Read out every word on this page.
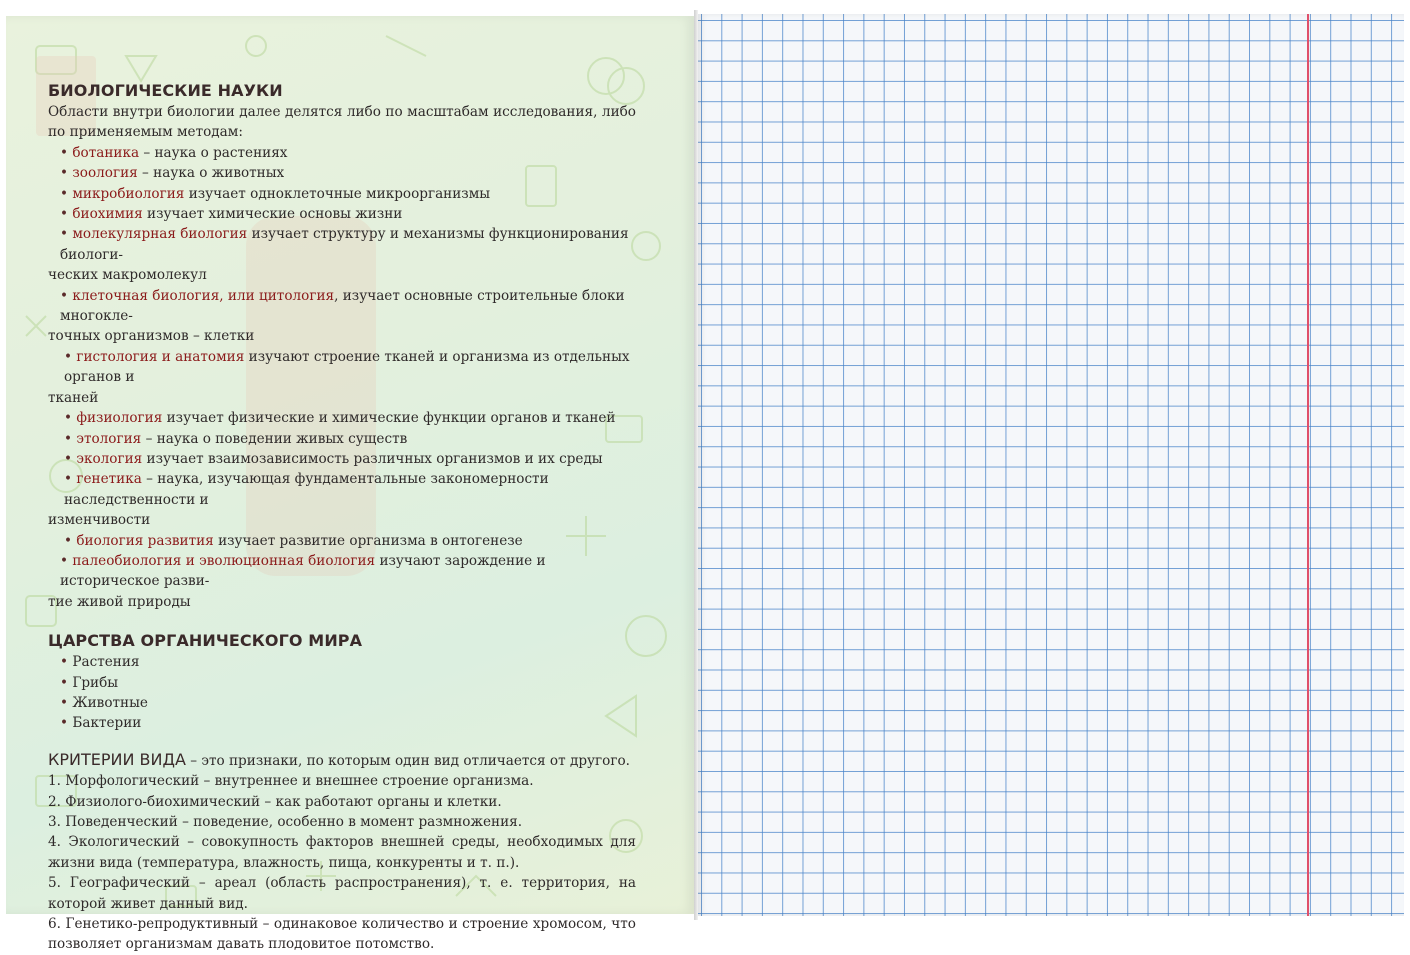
БИОЛОГИЧЕСКИЕ НАУКИ

Области внутри биологии далее делятся либо по масштабам исследования, либо по применяемым методам:

• ботаника – наука о растениях
• зоология – наука о животных
• микробиология изучает одноклеточные микроорганизмы
• биохимия изучает химические основы жизни
• молекулярная биология изучает структуру и механизмы функционирования биологи-
ческих макромолекул
• клеточная биология, или цитология, изучает основные строительные блоки многокле-
точных организмов – клетки
• гистология и анатомия изучают строение тканей и организма из отдельных органов и
тканей
• физиология изучает физические и химические функции органов и тканей
• этология – наука о поведении живых существ
• экология изучает взаимозависимость различных организмов и их среды
• генетика – наука, изучающая фундаментальные закономерности наследственности и
изменчивости
• биология развития изучает развитие организма в онтогенезе
• палеобиология и эволюционная биология изучают зарождение и историческое разви-
тие живой природы
ЦАРСТВА ОРГАНИЧЕСКОГО МИРА
• Растения
• Грибы
• Животные
• Бактерии

КРИТЕРИИ ВИДА – это признаки, по которым один вид отличается от другого.

1. Морфологический – внутреннее и внешнее строение организма.

2. Физиолого-биохимический – как работают органы и клетки.

3. Поведенческий – поведение, особенно в момент размножения.

4. Экологический – совокупность факторов внешней среды, необходимых для жизни вида (температура, влажность, пища, конкуренты и т. п.).

5. Географический – ареал (область распространения), т. е. территория, на которой живет данный вид.

6. Генетико-репродуктивный – одинаковое количество и строение хромосом, что позволяет организмам давать плодовитое потомство.
